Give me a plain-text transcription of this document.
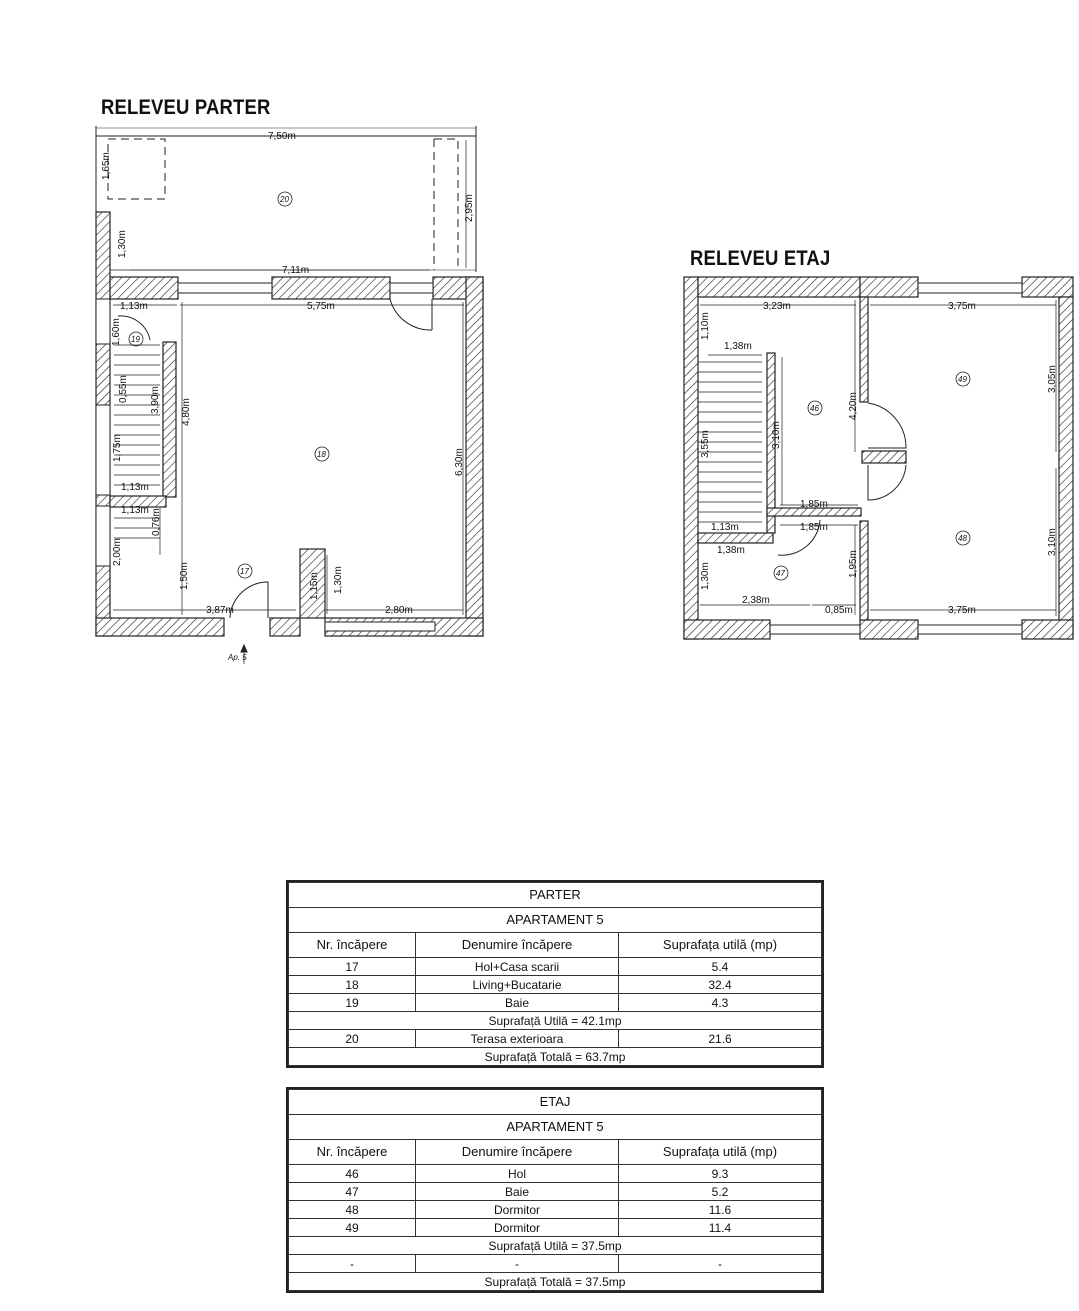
RELEVEU PARTER
RELEVEU ETAJ
7,50m
1,65m
2,95m
1,30m
7,11m
1,13m	5,75m
1,60m
0,55m 3,90m 4,80m
1,75m
6,30m
1,13m
1,13m 0,76m
2,00m
1,50m	1,15m 1,30m
3,87m	2,80m
20
19
18
17
Ap. 5
3,23m	3,75m
1,10m
1,38m
4,20m
3,05m
3,55m	3,10m
1,85m
1,13m	1,85m
1,38m
1,30m	1,95m
3,10m
2,38m
0,85m	3,75m
46
49
48
47
PARTER		
APARTAMENT 5		
Nr. încăpere	Denumire încăpere	Suprafața utilă (mp)
17	Hol+Casa scarii	5.4
18	Living+Bucatarie	32.4
19	Baie	4.3
Suprafață Utilă = 42.1mp		
20	Terasa exterioara	21.6
Suprafață Totală = 63.7mp		
ETAJ		
APARTAMENT 5		
Nr. încăpere	Denumire încăpere	Suprafața utilă (mp)
46	Hol	9.3
47	Baie	5.2
48	Dormitor	11.6
49	Dormitor	11.4
Suprafață Utilă = 37.5mp		
-	-	-
Suprafață Totală = 37.5mp		
